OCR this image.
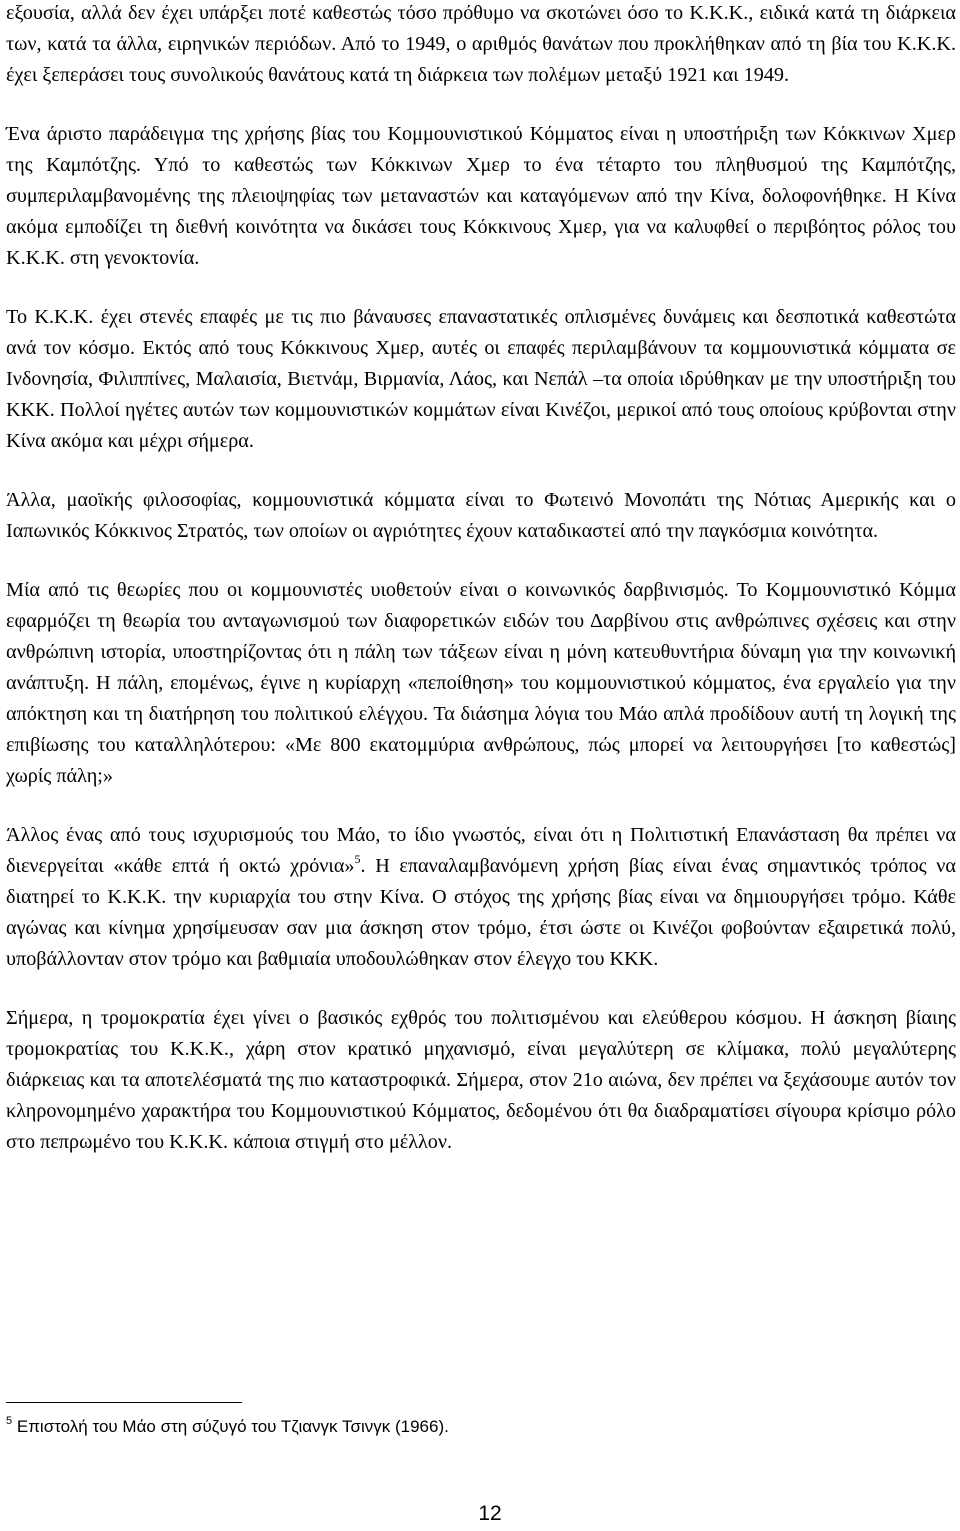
εξουσία, αλλά δεν έχει υπάρξει ποτέ καθεστώς τόσο πρόθυμο να σκοτώνει όσο το Κ.Κ.Κ., ειδικά κατά τη διάρκεια των, κατά τα άλλα, ειρηνικών περιόδων. Από το 1949, ο αριθμός θανάτων που προκλήθηκαν από τη βία του Κ.Κ.Κ. έχει ξεπεράσει τους συνολικούς θανάτους κατά τη διάρκεια των πολέμων μεταξύ 1921 και 1949.

Ένα άριστο παράδειγμα της χρήσης βίας του Κομμουνιστικού Κόμματος είναι η υποστήριξη των Κόκκινων Χμερ της Καμπότζης. Υπό το καθεστώς των Κόκκινων Χμερ το ένα τέταρτο του πληθυσμού της Καμπότζης, συμπεριλαμβανομένης της πλειοψηφίας των μεταναστών και καταγόμενων από την Κίνα, δολοφονήθηκε. Η Κίνα ακόμα εμποδίζει τη διεθνή κοινότητα να δικάσει τους Κόκκινους Χμερ, για να καλυφθεί ο περιβόητος ρόλος του Κ.Κ.Κ. στη γενοκτονία.

Το Κ.Κ.Κ. έχει στενές επαφές με τις πιο βάναυσες επαναστατικές οπλισμένες δυνάμεις και δεσποτικά καθεστώτα ανά τον κόσμο. Εκτός από τους Κόκκινους Χμερ, αυτές οι επαφές περιλαμβάνουν τα κομμουνιστικά κόμματα σε Ινδονησία, Φιλιππίνες, Μαλαισία, Βιετνάμ, Βιρμανία, Λάος, και Νεπάλ –τα οποία ιδρύθηκαν με την υποστήριξη του ΚΚΚ. Πολλοί ηγέτες αυτών των κομμουνιστικών κομμάτων είναι Κινέζοι, μερικοί από τους οποίους κρύβονται στην Κίνα ακόμα και μέχρι σήμερα.

Άλλα, μαοϊκής φιλοσοφίας, κομμουνιστικά κόμματα είναι το Φωτεινό Μονοπάτι της Νότιας Αμερικής και ο Ιαπωνικός Κόκκινος Στρατός, των οποίων οι αγριότητες έχουν καταδικαστεί από την παγκόσμια κοινότητα.

Μία από τις θεωρίες που οι κομμουνιστές υιοθετούν είναι ο κοινωνικός δαρβινισμός. Το Κομμουνιστικό Κόμμα εφαρμόζει τη θεωρία του ανταγωνισμού των διαφορετικών ειδών του Δαρβίνου στις ανθρώπινες σχέσεις και στην ανθρώπινη ιστορία, υποστηρίζοντας ότι η πάλη των τάξεων είναι η μόνη κατευθυντήρια δύναμη για την κοινωνική ανάπτυξη. Η πάλη, επομένως, έγινε η κυρίαρχη «πεποίθηση» του κομμουνιστικού κόμματος, ένα εργαλείο για την απόκτηση και τη διατήρηση του πολιτικού ελέγχου. Τα διάσημα λόγια του Μάο απλά προδίδουν αυτή τη λογική της επιβίωσης του καταλληλότερου: «Με 800 εκατομμύρια ανθρώπους, πώς μπορεί να λειτουργήσει [το καθεστώς] χωρίς πάλη;»

Άλλος ένας από τους ισχυρισμούς του Μάο, το ίδιο γνωστός, είναι ότι η Πολιτιστική Επανάσταση θα πρέπει να διενεργείται «κάθε επτά ή οκτώ χρόνια»$^5$. Η επαναλαμβανόμενη χρήση βίας είναι ένας σημαντικός τρόπος να διατηρεί το Κ.Κ.Κ. την κυριαρχία του στην Κίνα. Ο στόχος της χρήσης βίας είναι να δημιουργήσει τρόμο. Κάθε αγώνας και κίνημα χρησίμευσαν σαν μια άσκηση στον τρόμο, έτσι ώστε οι Κινέζοι φοβούνταν εξαιρετικά πολύ, υποβάλλονταν στον τρόμο και βαθμιαία υποδουλώθηκαν στον έλεγχο του ΚΚΚ.

Σήμερα, η τρομοκρατία έχει γίνει ο βασικός εχθρός του πολιτισμένου και ελεύθερου κόσμου. Η άσκηση βίαιης τρομοκρατίας του Κ.Κ.Κ., χάρη στον κρατικό μηχανισμό, είναι μεγαλύτερη σε κλίμακα, πολύ μεγαλύτερης διάρκειας και τα αποτελέσματά της πιο καταστροφικά. Σήμερα, στον 21ο αιώνα, δεν πρέπει να ξεχάσουμε αυτόν τον κληρονομημένο χαρακτήρα του Κομμουνιστικού Κόμματος, δεδομένου ότι θα διαδραματίσει σίγουρα κρίσιμο ρόλο στο πεπρωμένο του Κ.Κ.Κ. κάποια στιγμή στο μέλλον.

$^5$ Επιστολή του Μάο στη σύζυγό του Τζιανγκ Τσινγκ (1966).
12
